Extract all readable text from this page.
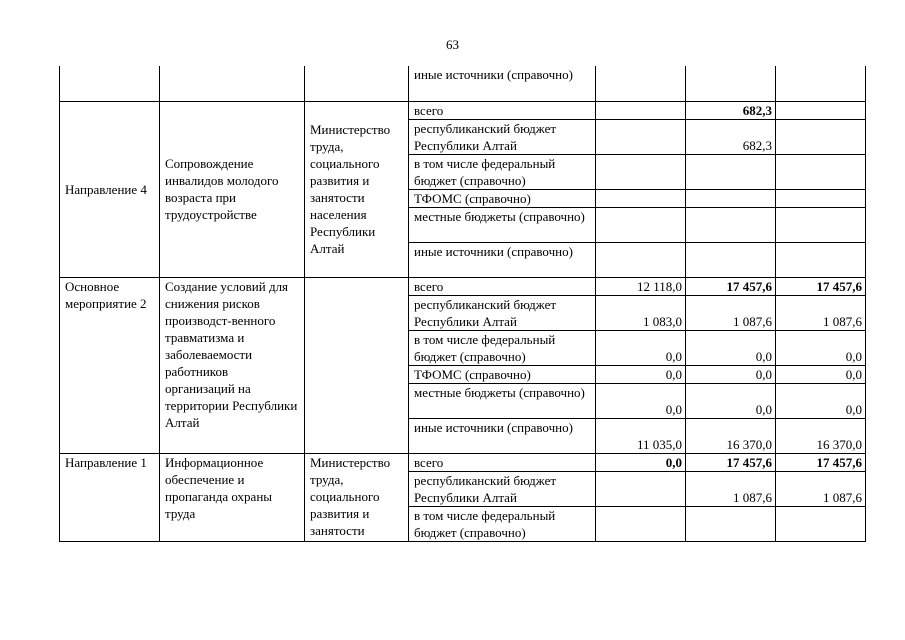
63
			иные источники (справочно)			
Направление 4	Сопровождение инвалидов молодого возраста при трудоустройстве	Министерство труда, социального развития и занятости населения Республики Алтай	всего		682,3	
			республиканский бюджет Республики Алтай		682,3	
			в том числе федеральный бюджет (справочно)			
			ТФОМС (справочно)			
			местные бюджеты (справочно)			
			иные источники (справочно)			
Основное мероприятие 2	Создание условий для снижения рисков производст-венного травматизма и заболеваемости работников организаций на территории Республики Алтай		всего	12 118,0	17 457,6	17 457,6
			республиканский бюджет Республики Алтай	1 083,0	1 087,6	1 087,6
			в том числе федеральный бюджет (справочно)	0,0	0,0	0,0
			ТФОМС (справочно)	0,0	0,0	0,0
			местные бюджеты (справочно)	0,0	0,0	0,0
			иные источники (справочно)	11 035,0	16 370,0	16 370,0
Направление 1	Информационное обеспечение и пропаганда охраны труда	Министерство труда, социального развития и занятости	всего	0,0	17 457,6	17 457,6
			республиканский бюджет Республики Алтай		1 087,6	1 087,6
			в том числе федеральный бюджет (справочно)			
